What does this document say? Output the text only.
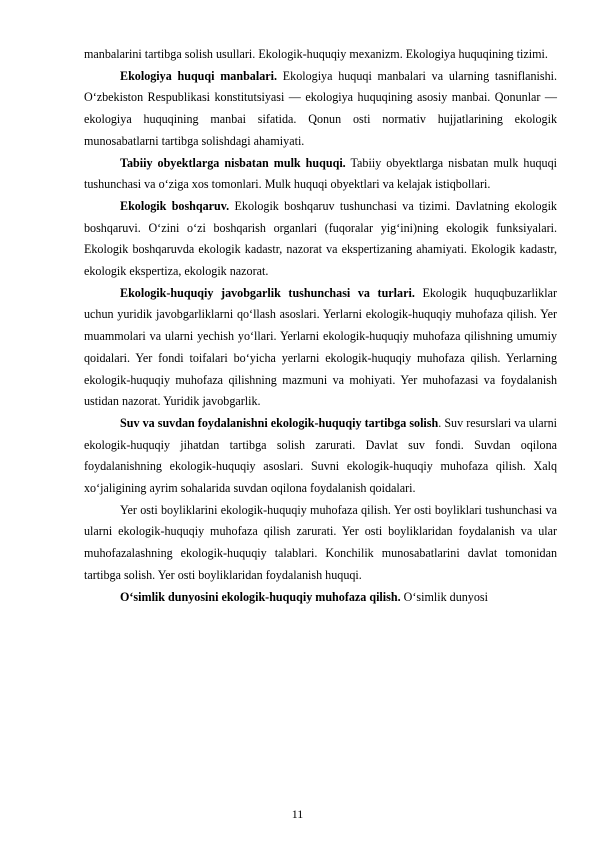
manbalarini tartibga solish usullari. Ekologik-huquqiy mexanizm. Ekologiya huquqining tizimi.

Ekologiya huquqi manbalari. Ekologiya huquqi manbalari va ularning tasniflanishi. O‘zbekiston Respublikasi konstitutsiyasi — ekologiya huquqining asosiy manbai. Qonunlar — ekologiya huquqining manbai sifatida. Qonun osti normativ hujjatlarining ekologik munosabatlarni tartibga solishdagi ahamiyati.

Tabiiy obyektlarga nisbatan mulk huquqi. Tabiiy obyektlarga nisbatan mulk huquqi tushunchasi va o‘ziga xos tomonlari. Mulk huquqi obyektlari va kelajak istiqbollari.

Ekologik boshqaruv. Ekologik boshqaruv tushunchasi va tizimi. Davlatning ekologik boshqaruvi. O‘zini o‘zi boshqarish organlari (fuqoralar yig‘ini)ning ekologik funksiyalari. Ekologik boshqaruvda ekologik kadastr, nazorat va ekspertizaning ahamiyati. Ekologik kadastr, ekologik ekspertiza, ekologik nazorat.

Ekologik-huquqiy javobgarlik tushunchasi va turlari. Ekologik huquqbuzarliklar uchun yuridik javobgarliklarni qo‘llash asoslari. Yerlarni ekologik-huquqiy muhofaza qilish. Yer muammolari va ularni yechish yo‘llari. Yerlarni ekologik-huquqiy muhofaza qilishning umumiy qoidalari. Yer fondi toifalari bo‘yicha yerlarni ekologik-huquqiy muhofaza qilish. Yerlarning ekologik-huquqiy muhofaza qilishning mazmuni va mohiyati. Yer muhofazasi va foydalanish ustidan nazorat. Yuridik javobgarlik.

Suv va suvdan foydalanishni ekologik-huquqiy tartibga solish. Suv resurslari va ularni ekologik-huquqiy jihatdan tartibga solish zarurati. Davlat suv fondi. Suvdan oqilona foydalanishning ekologik-huquqiy asoslari. Suvni ekologik-huquqiy muhofaza qilish. Xalq xo‘jaligining ayrim sohalarida suvdan oqilona foydalanish qoidalari.

Yer osti boyliklarini ekologik-huquqiy muhofaza qilish. Yer osti boyliklari tushunchasi va ularni ekologik-huquqiy muhofaza qilish zarurati. Yer osti boyliklaridan foydalanish va ular muhofazalashning ekologik-huquqiy talablari. Konchilik munosabatlarini davlat tomonidan tartibga solish. Yer osti boyliklaridan foydalanish huquqi.

O‘simlik dunyosini ekologik-huquqiy muhofaza qilish. O‘simlik dunyosi

11
